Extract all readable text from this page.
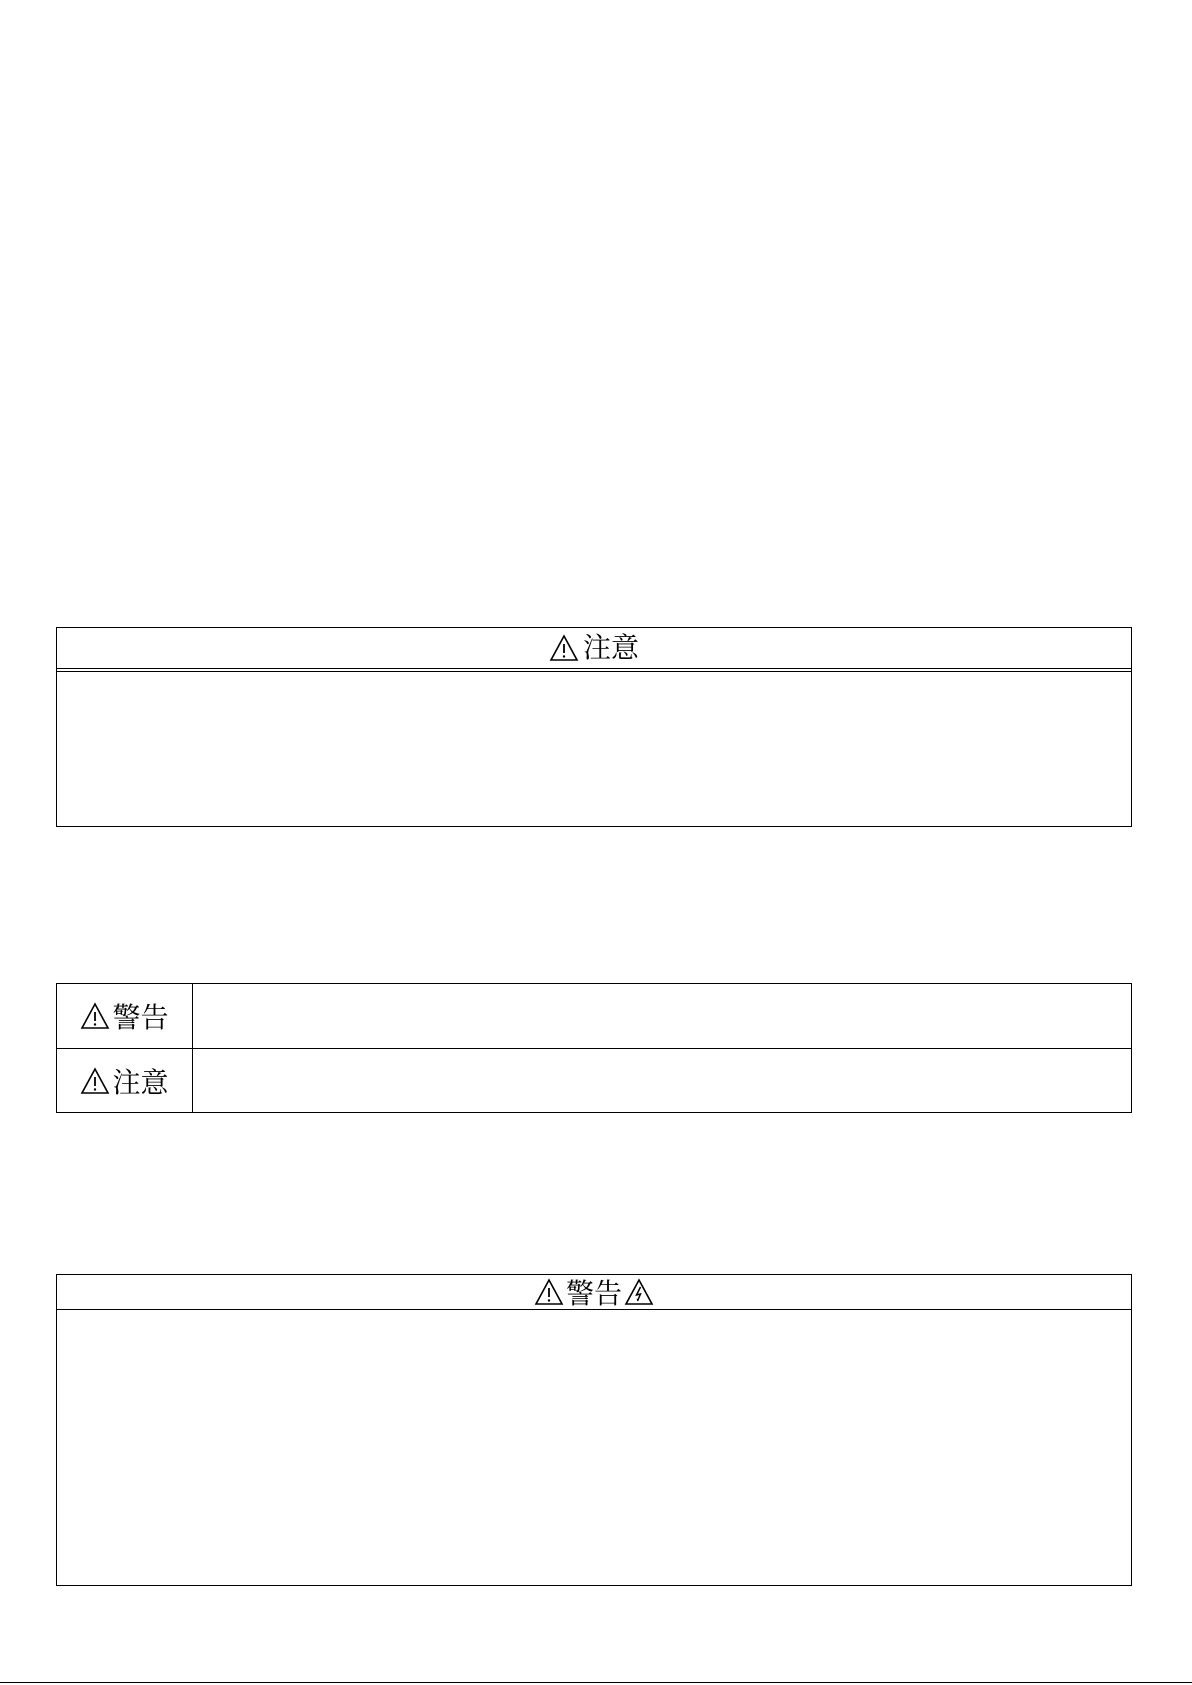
注意
警告
注意
警告
